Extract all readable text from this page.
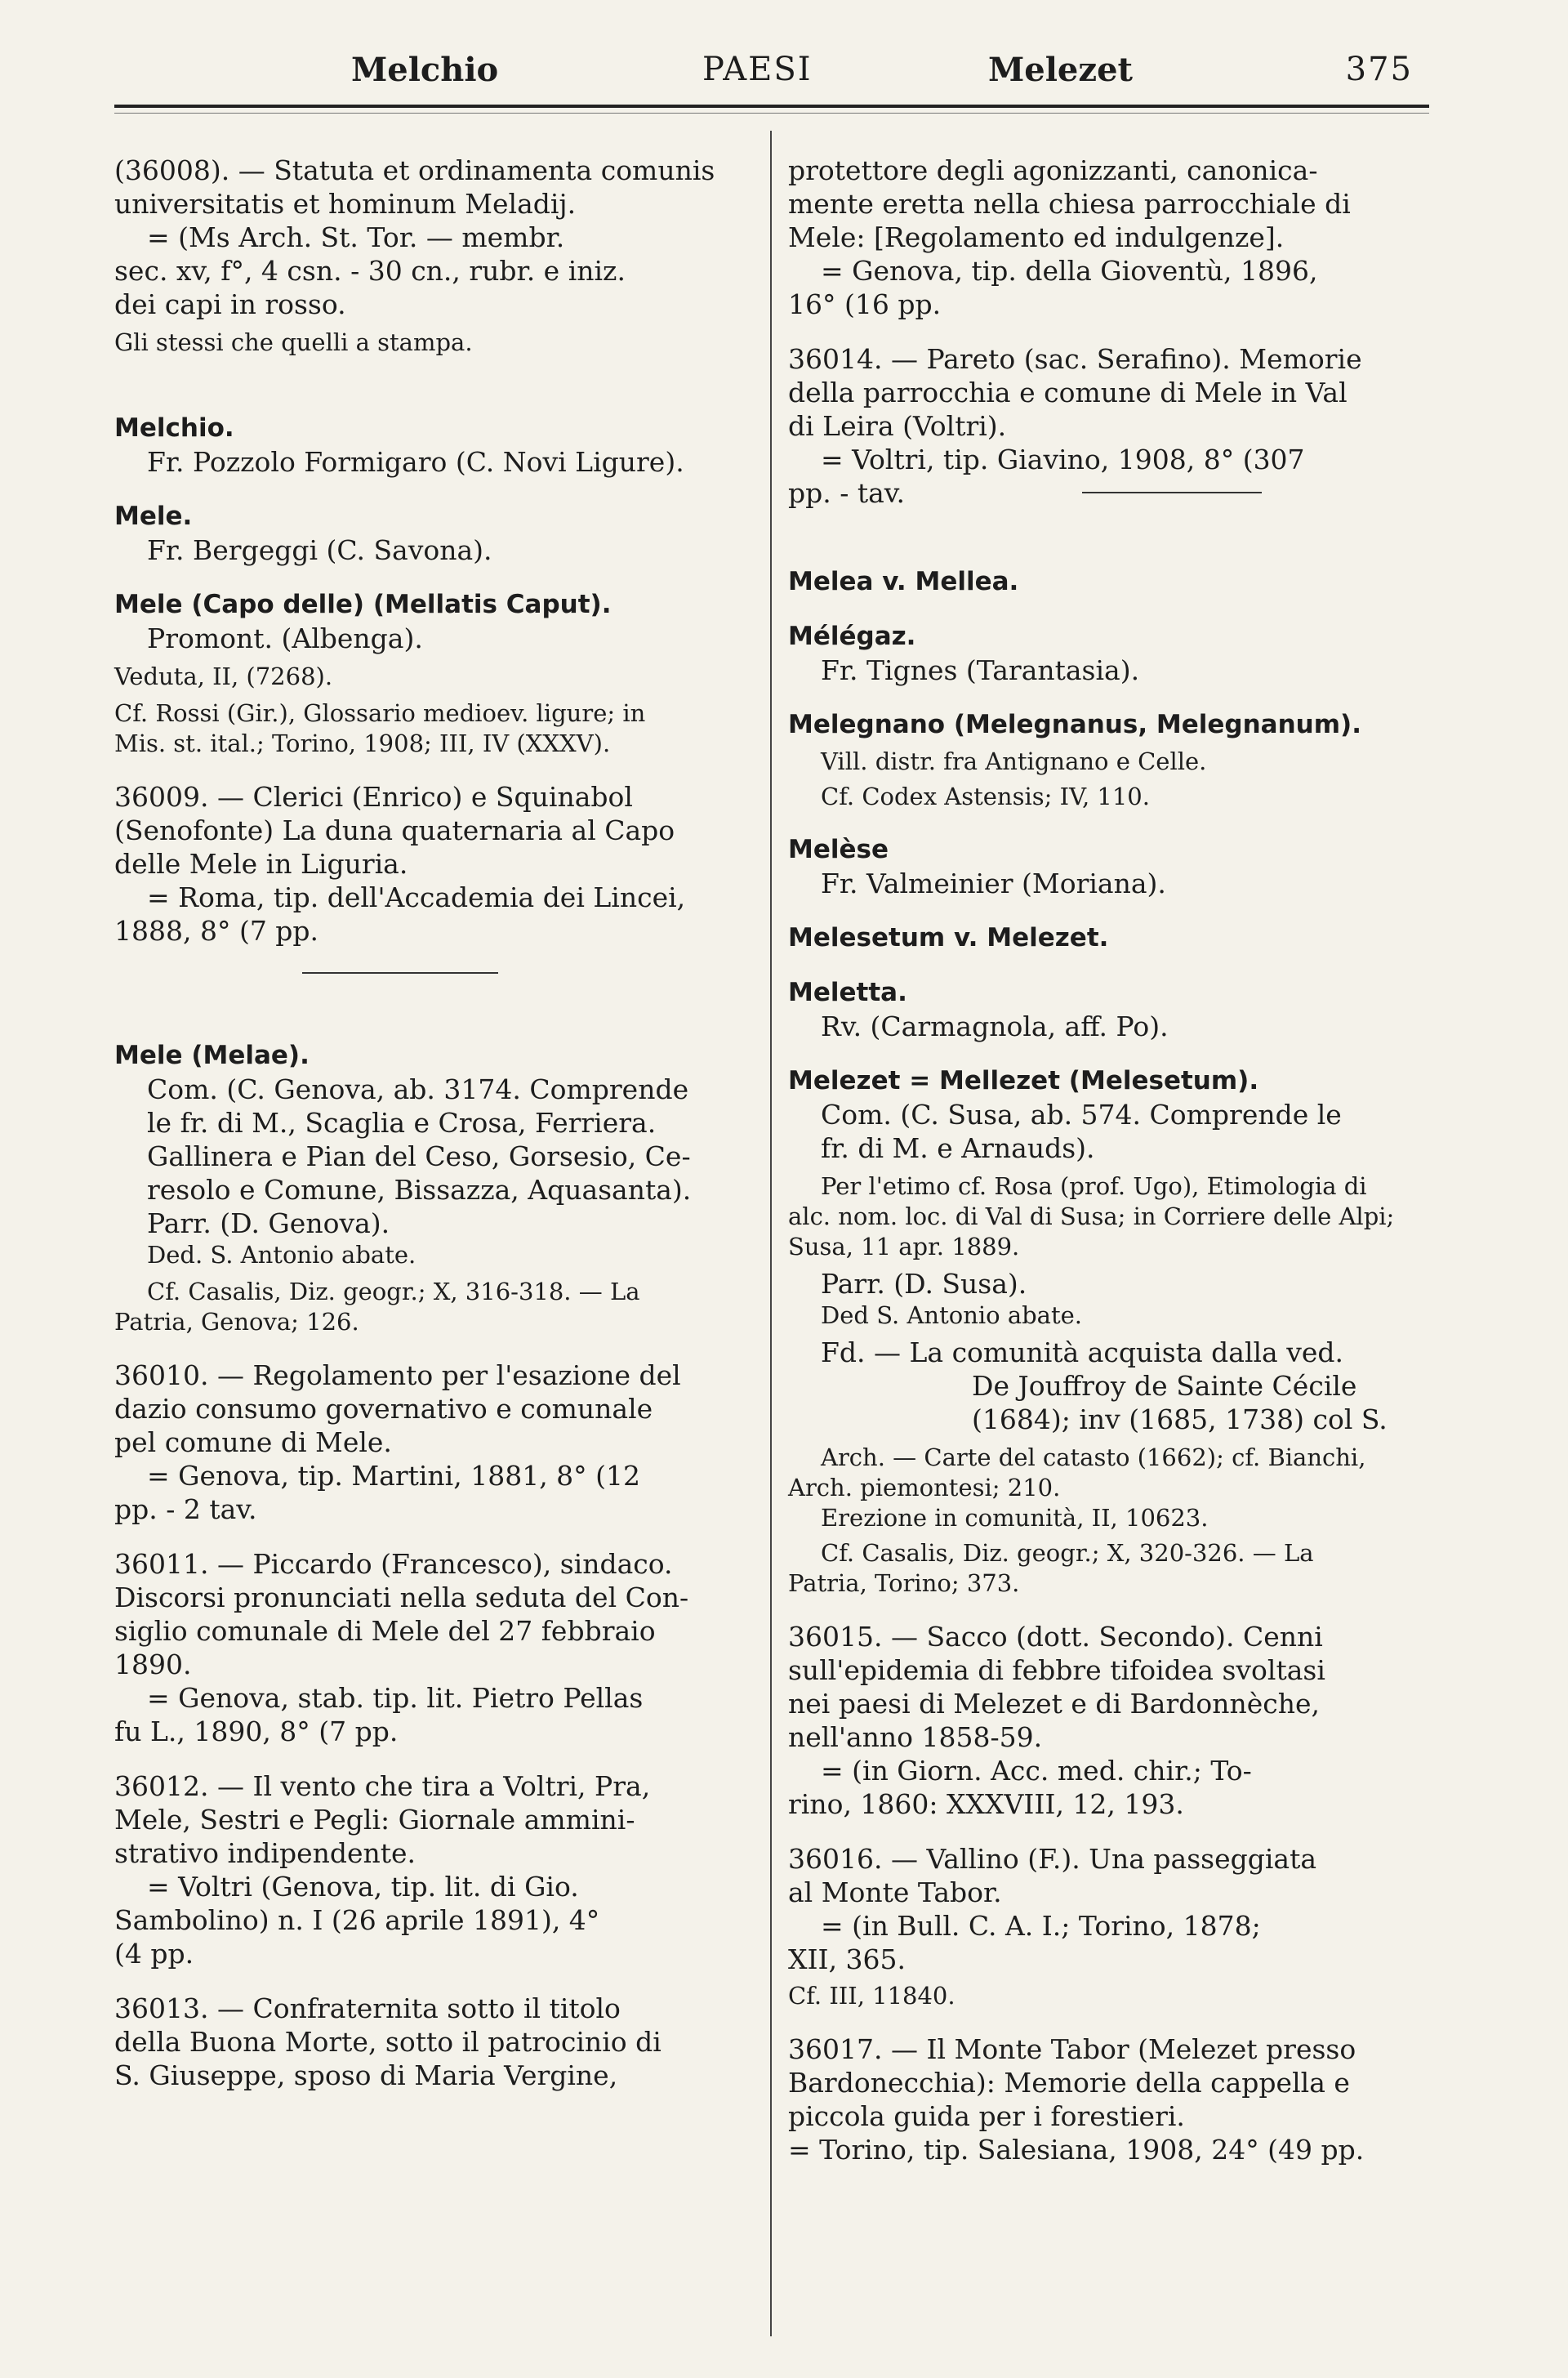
Melchio	PAESI	Melezet	375

(36008). — Statuta et ordinamenta comunis

universitatis et hominum Meladij.

= (Ms Arch. St. Tor. — membr.

sec. xv, f°, 4 csn. - 30 cn., rubr. e iniz.

dei capi in rosso.

Gli stessi che quelli a stampa.

Melchio.

Fr. Pozzolo Formigaro (C. Novi Ligure).

Mele.

Fr. Bergeggi (C. Savona).

Mele (Capo delle) (Mellatis Caput).

Promont. (Albenga).

Veduta, II, (7268).

Cf. Rossi (Gir.), Glossario medioev. ligure; in

Mis. st. ital.; Torino, 1908; III, IV (XXXV).

36009. — Clerici (Enrico) e Squinabol

(Senofonte) La duna quaternaria al Capo

delle Mele in Liguria.

= Roma, tip. dell'Accademia dei Lincei,

1888, 8° (7 pp.

Mele (Melae).

Com. (C. Genova, ab. 3174. Comprende

le fr. di M., Scaglia e Crosa, Ferriera.

Gallinera e Pian del Ceso, Gorsesio, Ce-

resolo e Comune, Bissazza, Aquasanta).

Parr. (D. Genova).

Ded. S. Antonio abate.

Cf. Casalis, Diz. geogr.; X, 316-318. — La

Patria, Genova; 126.

36010. — Regolamento per l'esazione del

dazio consumo governativo e comunale

pel comune di Mele.

= Genova, tip. Martini, 1881, 8° (12

pp. - 2 tav.

36011. — Piccardo (Francesco), sindaco.

Discorsi pronunciati nella seduta del Con-

siglio comunale di Mele del 27 febbraio

1890.

= Genova, stab. tip. lit. Pietro Pellas

fu L., 1890, 8° (7 pp.

36012. — Il vento che tira a Voltri, Pra,

Mele, Sestri e Pegli: Giornale ammini-

strativo indipendente.

= Voltri (Genova, tip. lit. di Gio.

Sambolino) n. I (26 aprile 1891), 4°

(4 pp.

36013. — Confraternita sotto il titolo

della Buona Morte, sotto il patrocinio di

S. Giuseppe, sposo di Maria Vergine,

protettore degli agonizzanti, canonica-

mente eretta nella chiesa parrocchiale di

Mele: [Regolamento ed indulgenze].

= Genova, tip. della Gioventù, 1896,

16° (16 pp.

36014. — Pareto (sac. Serafino). Memorie

della parrocchia e comune di Mele in Val

di Leira (Voltri).

= Voltri, tip. Giavino, 1908, 8° (307

pp. - tav.

Melea v. Mellea.

Mélégaz.

Fr. Tignes (Tarantasia).

Melegnano (Melegnanus, Melegnanum).

Vill. distr. fra Antignano e Celle.

Cf. Codex Astensis; IV, 110.

Melèse

Fr. Valmeinier (Moriana).

Melesetum v. Melezet.

Meletta.

Rv. (Carmagnola, aff. Po).

Melezet = Mellezet (Melesetum).

Com. (C. Susa, ab. 574. Comprende le

fr. di M. e Arnauds).

Per l'etimo cf. Rosa (prof. Ugo), Etimologia di

alc. nom. loc. di Val di Susa; in Corriere delle Alpi;

Susa, 11 apr. 1889.

Parr. (D. Susa).

Ded S. Antonio abate.

Fd. — La comunità acquista dalla ved.

De Jouffroy de Sainte Cécile

(1684); inv (1685, 1738) col S.

Arch. — Carte del catasto (1662); cf. Bianchi,

Arch. piemontesi; 210.

Erezione in comunità, II, 10623.

Cf. Casalis, Diz. geogr.; X, 320-326. — La

Patria, Torino; 373.

36015. — Sacco (dott. Secondo). Cenni

sull'epidemia di febbre tifoidea svoltasi

nei paesi di Melezet e di Bardonnèche,

nell'anno 1858-59.

= (in Giorn. Acc. med. chir.; To-

rino, 1860: XXXVIII, 12, 193.

36016. — Vallino (F.). Una passeggiata

al Monte Tabor.

= (in Bull. C. A. I.; Torino, 1878;

XII, 365.

Cf. III, 11840.

36017. — Il Monte Tabor (Melezet presso

Bardonecchia): Memorie della cappella e

piccola guida per i forestieri.

= Torino, tip. Salesiana, 1908, 24° (49 pp.
